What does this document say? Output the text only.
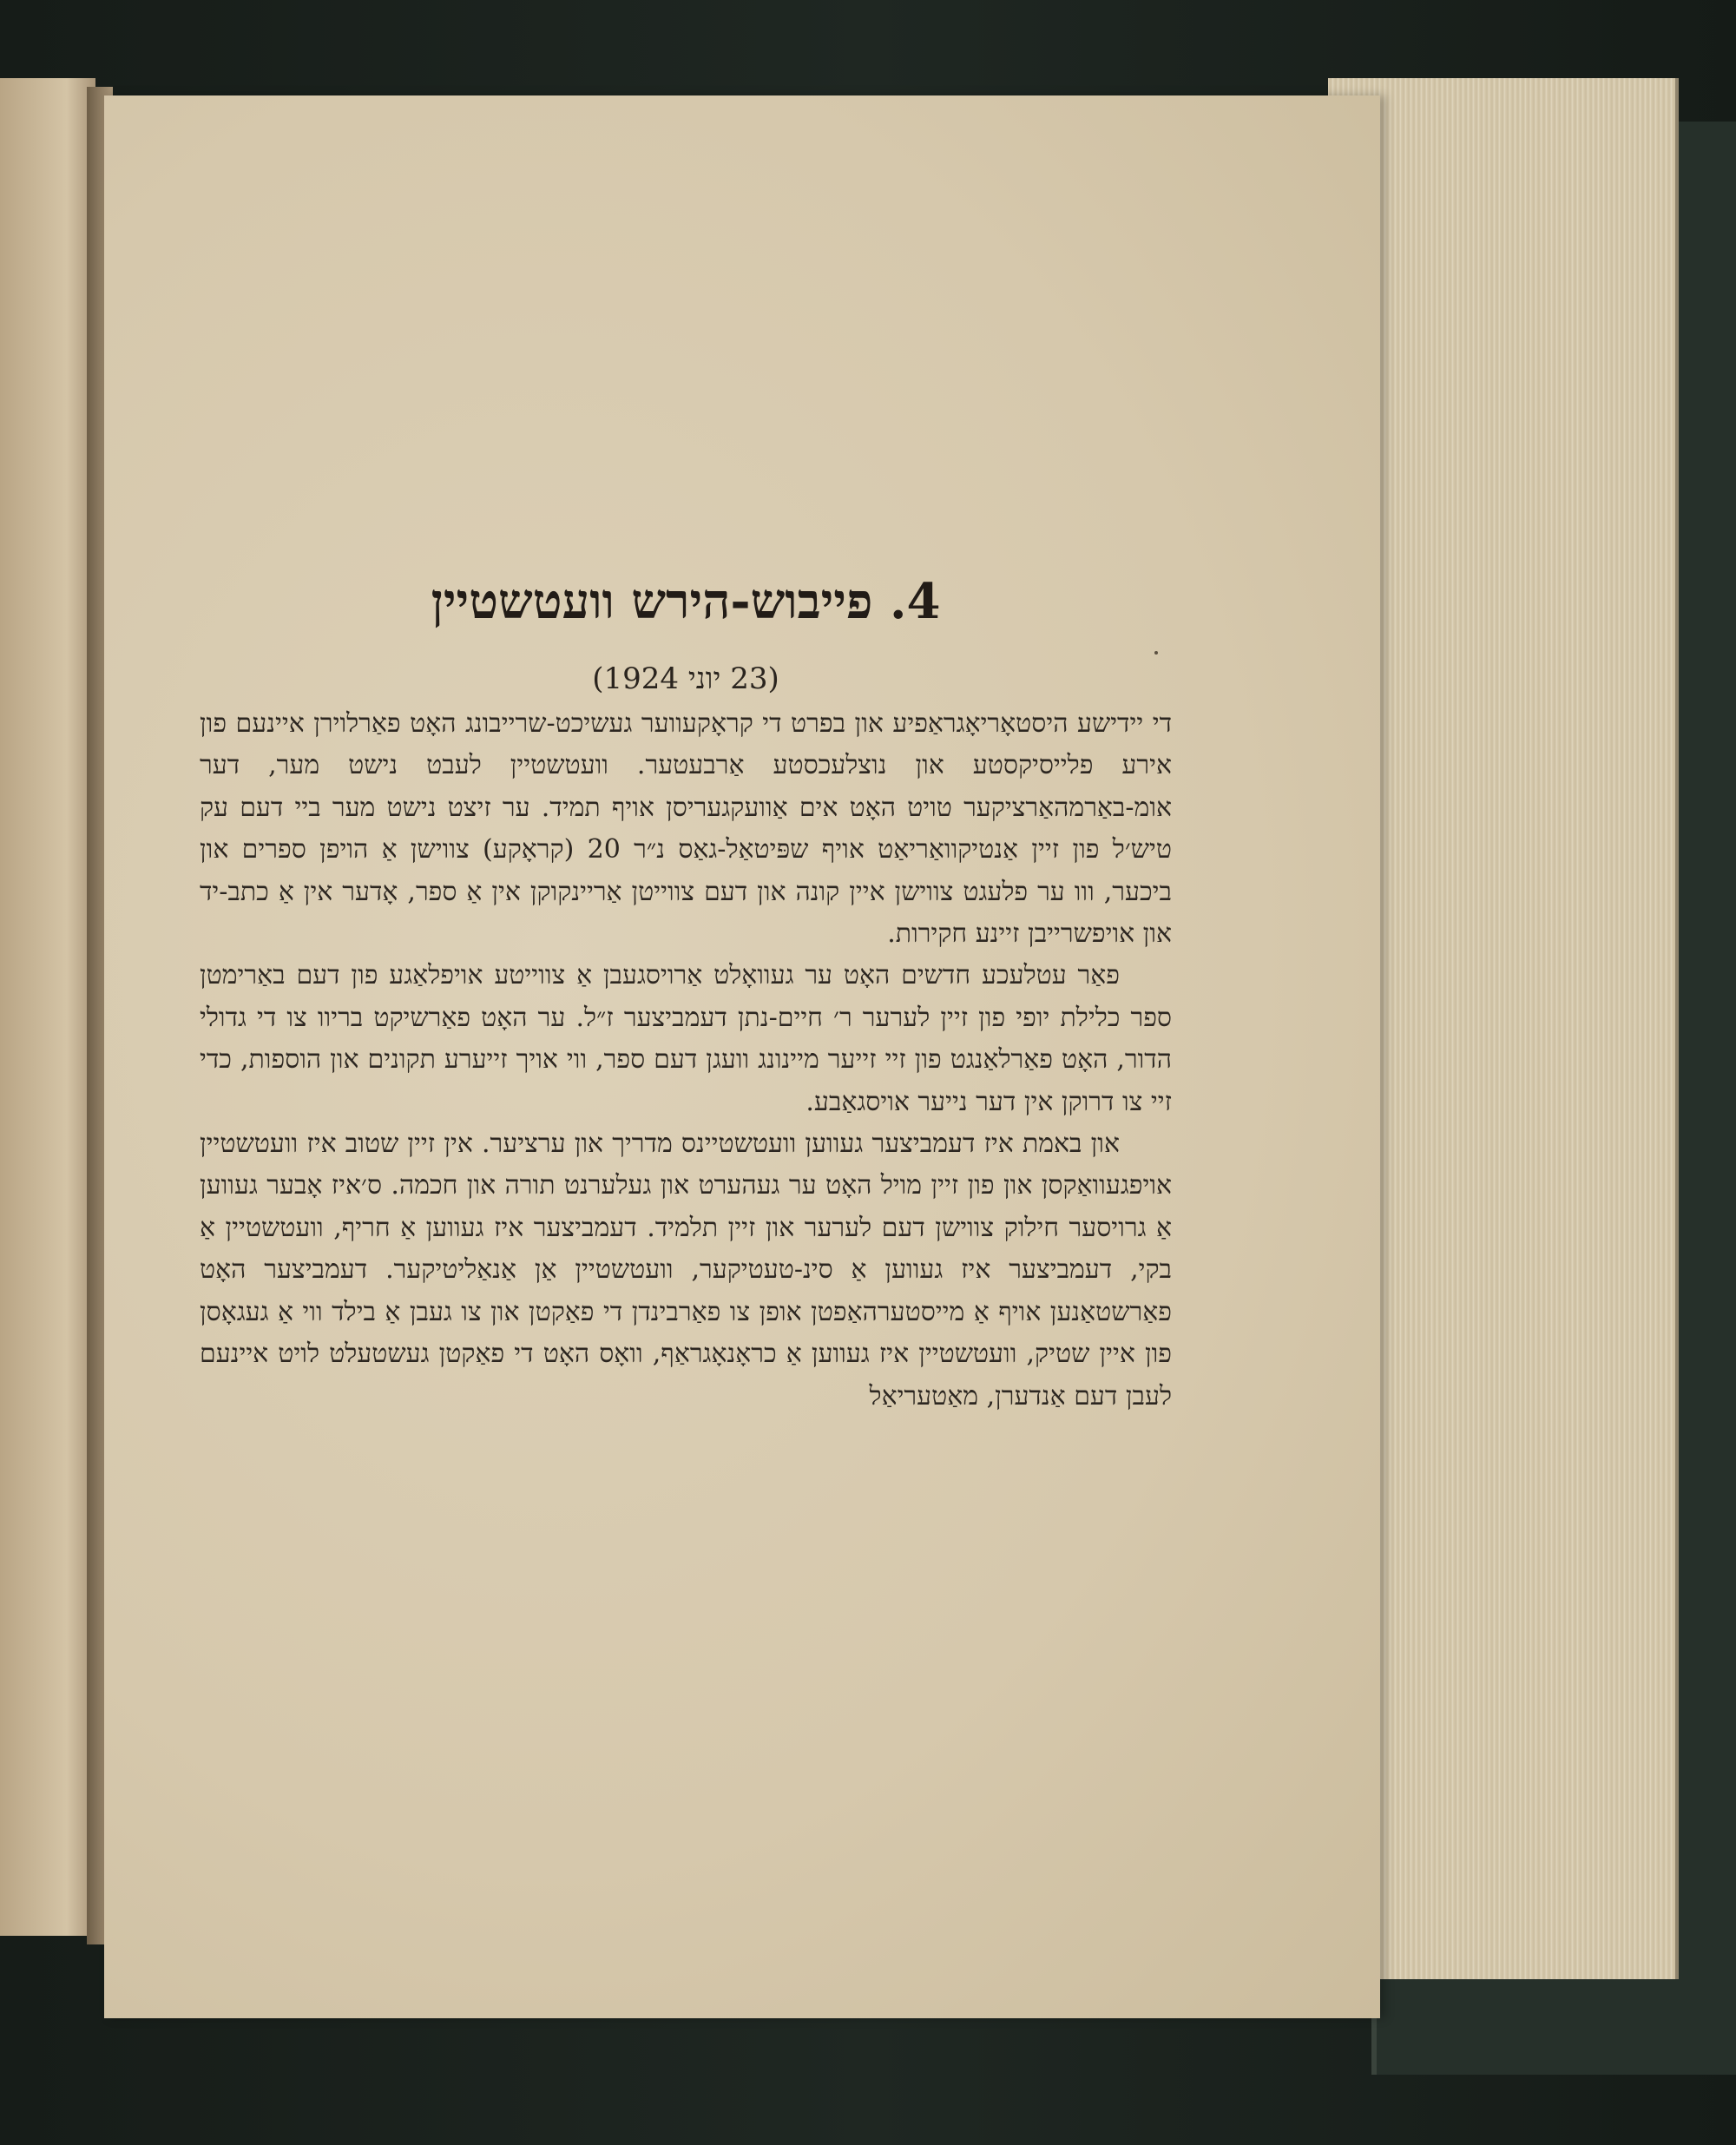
4. פייבוש-הירש וועטשטיין
(23 יוני 1924)

די יידישע היסטאָריאָגראַפיע און בפרט די קראָקעווער געשיכט-שרייבונג האָט פאַרלוירן איינעם פון אירע פלייסיקסטע און נוצלעכסטע אַרבעטער. וועטשטיין לעבט נישט מער, דער אומ-באַרמהאַרציקער טויט האָט אים אַוועקגעריסן אויף תמיד. ער זיצט נישט מער ביי דעם עק טיש׳ל פון זיין אַנטיקוואַריאַט אויף שפּיטאַל-גאַס נ״ר 20 (קראָקע) צווישן אַ הויפן ספרים און ביכער, ווו ער פלעגט צווישן איין קונה און דעם צווייטן אַריינקוקן אין אַ ספר, אָדער אין אַ כתב-יד און אויפשרייבן זיינע חקירות.

פאַר עטלעכע חדשים האָט ער געוואָלט אַרויסגעבן אַ צווייטע אויפלאַגע פון דעם באַרימטן ספר כלילת יופי פון זיין לערער ר׳ חיים-נתן דעמביצער ז״ל. ער האָט פאַרשיקט בריוו צו די גדולי הדור, האָט פאַרלאַנגט פון זיי זייער מיינונג וועגן דעם ספר, ווי אויך זייערע תקונים און הוספות, כדי זיי צו דרוקן אין דער נייער אויסגאַבע.

און באמת איז דעמביצער געווען וועטשטיינס מדריך און ערציער. אין זיין שטוב איז וועטשטיין אויפגעוואַקסן און פון זיין מויל האָט ער געהערט און געלערנט תורה און חכמה. ס׳איז אָבער געווען אַ גרויסער חילוק צווישן דעם לערער און זיין תלמיד. דעמביצער איז געווען אַ חריף, וועטשטיין אַ בקי, דעמביצער איז געווען אַ סינ-טעטיקער, וועטשטיין אַן אַנאַליטיקער. דעמביצער האָט פאַרשטאַנען אויף אַ מייסטערהאַפטן אופן צו פאַרבינדן די פאַקטן און צו געבן אַ בילד ווי אַ געגאָסן פון איין שטיק, וועטשטיין איז געווען אַ כראָנאָגראַף, וואָס האָט די פאַקטן געשטעלט לויט איינעם לעבן דעם אַנדערן, מאַטעריאַל
